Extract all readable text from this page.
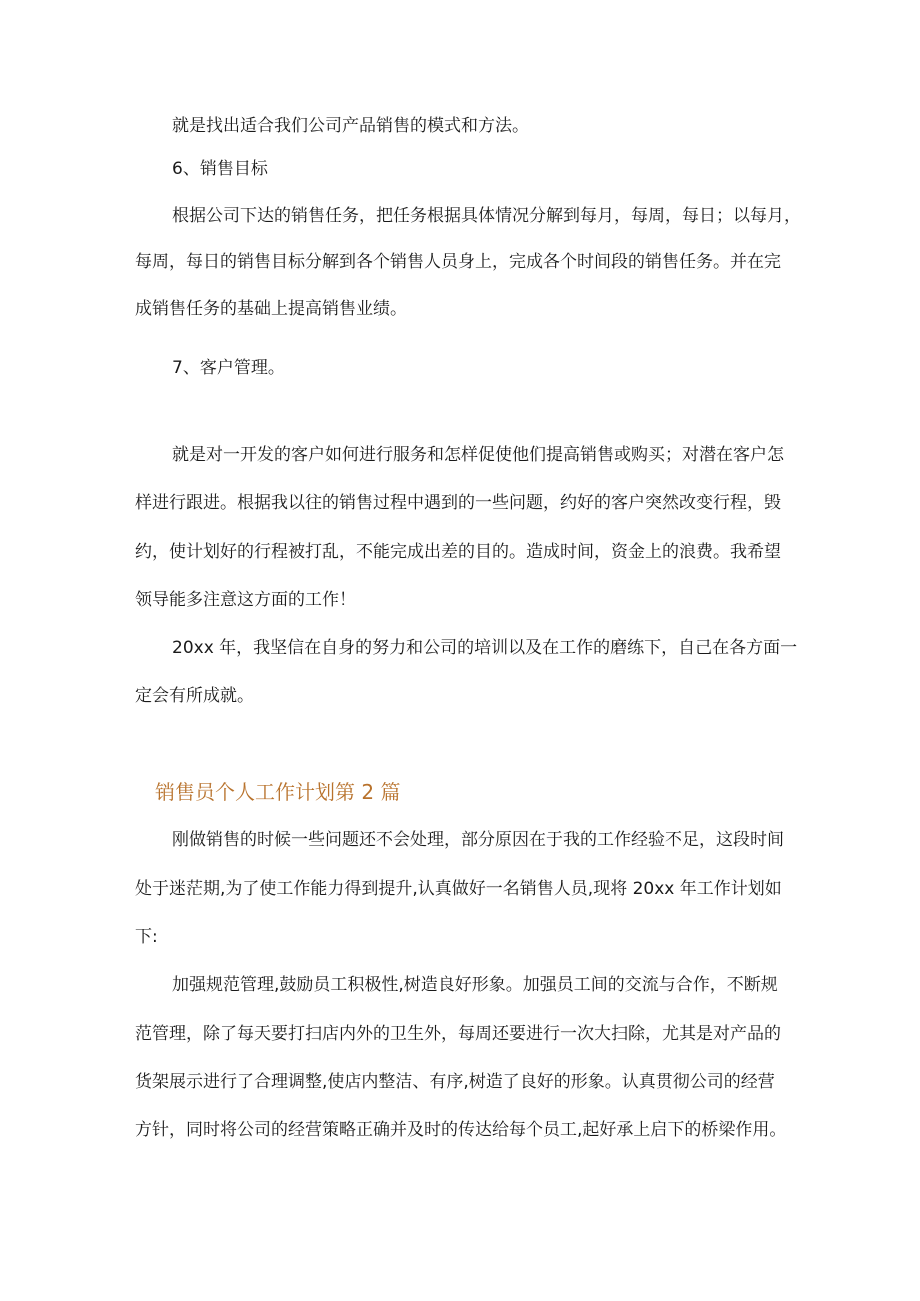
就是找出适合我们公司产品销售的模式和方法。
6、销售目标
根据公司下达的销售任务，把任务根据具体情况分解到每月，每周，每日；以每月，
每周，每日的销售目标分解到各个销售人员身上，完成各个时间段的销售任务。并在完
成销售任务的基础上提高销售业绩。
7、客户管理。
就是对一开发的客户如何进行服务和怎样促使他们提高销售或购买；对潜在客户怎
样进行跟进。根据我以往的销售过程中遇到的一些问题，约好的客户突然改变行程，毁
约，使计划好的行程被打乱，不能完成出差的目的。造成时间，资金上的浪费。我希望
领导能多注意这方面的工作！
20xx 年，我坚信在自身的努力和公司的培训以及在工作的磨练下，自己在各方面一
定会有所成就。
销售员个人工作计划第 2 篇
刚做销售的时候一些问题还不会处理，部分原因在于我的工作经验不足，这段时间
处于迷茫期,为了使工作能力得到提升,认真做好一名销售人员,现将 20xx 年工作计划如
下:
加强规范管理,鼓励员工积极性,树造良好形象。加强员工间的交流与合作，不断规
范管理，除了每天要打扫店内外的卫生外，每周还要进行一次大扫除，尤其是对产品的
货架展示进行了合理调整,使店内整洁、有序,树造了良好的形象。认真贯彻公司的经营
方针，同时将公司的经营策略正确并及时的传达给每个员工,起好承上启下的桥梁作用。
